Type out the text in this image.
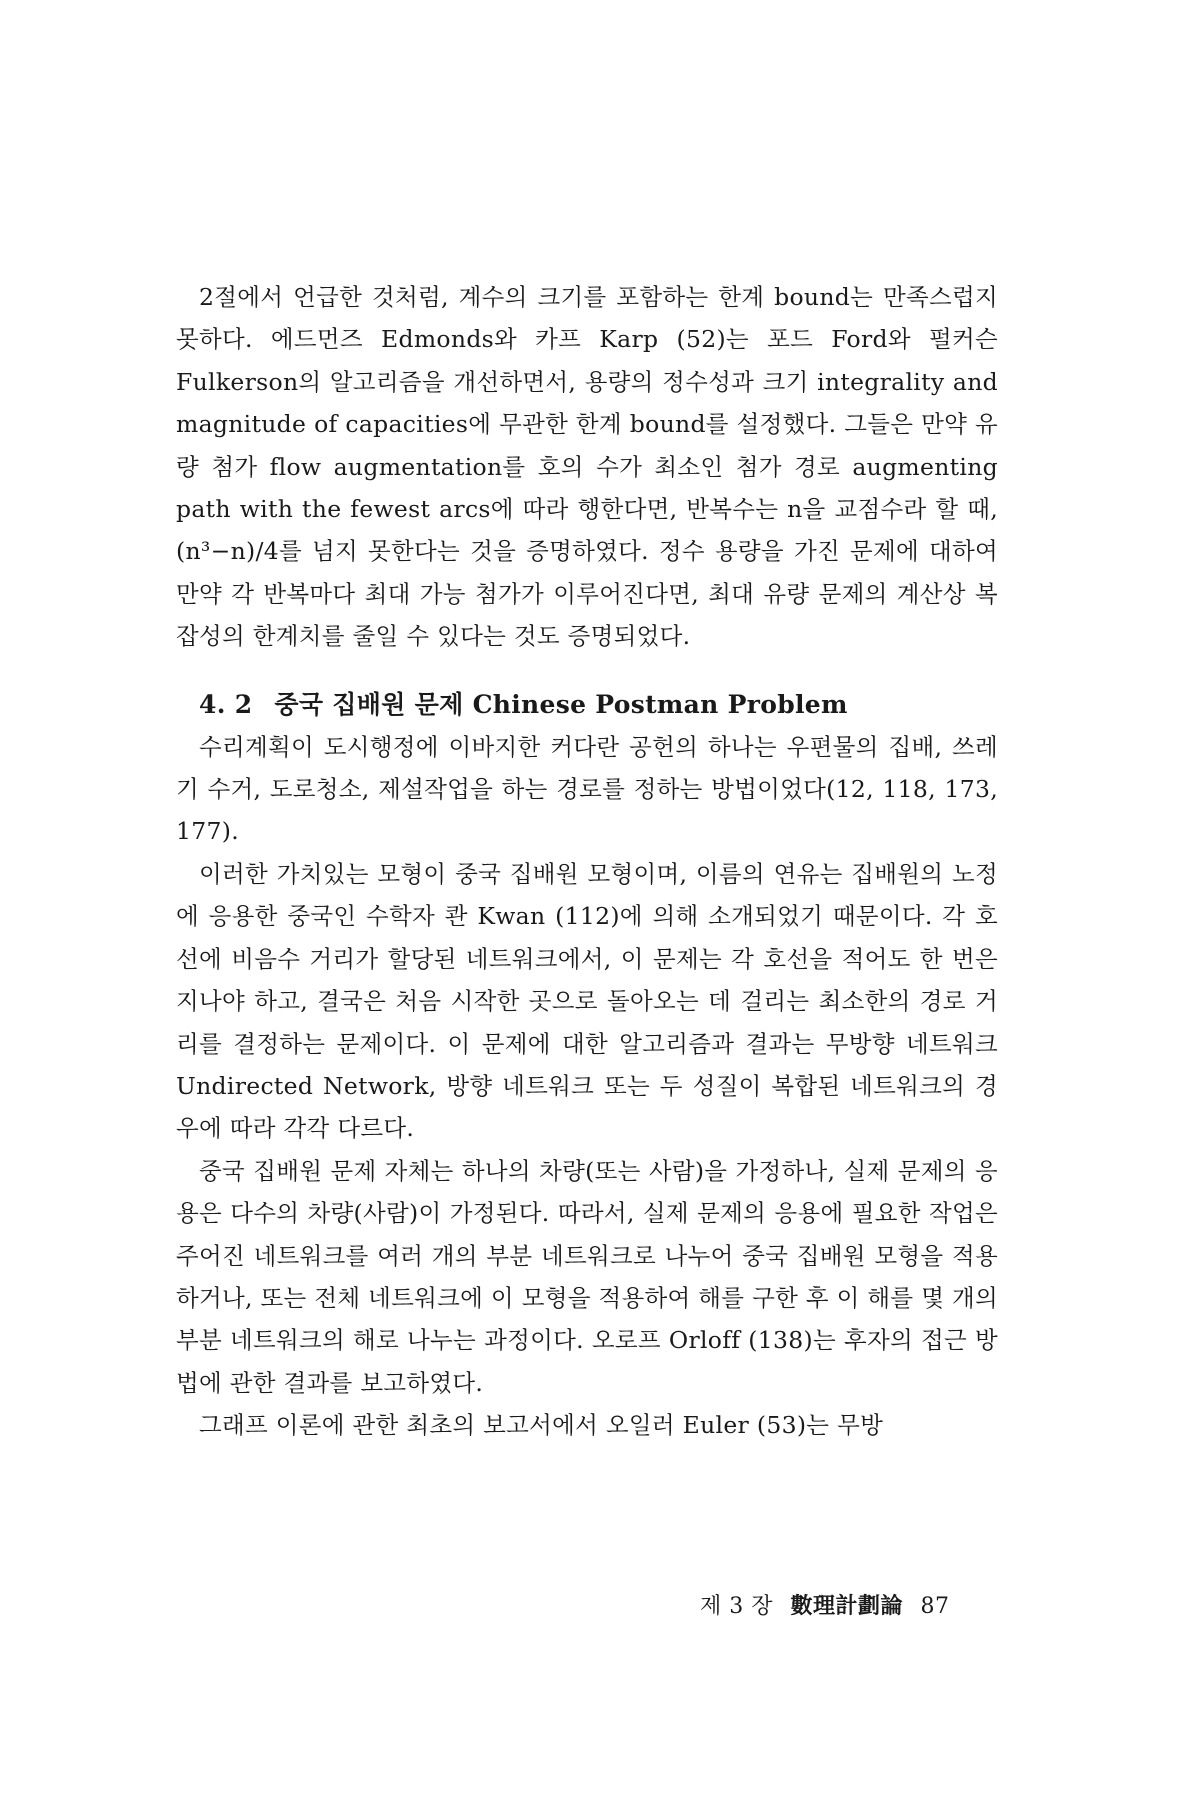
2절에서 언급한 것처럼, 계수의 크기를 포함하는 한계 bound는 만족스럽지 못하다. 에드먼즈 Edmonds와 카프 Karp (52)는 포드 Ford와 펄커슨 Fulkerson의 알고리즘을 개선하면서, 용량의 정수성과 크기 integrality and magnitude of capacities에 무관한 한계 bound를 설정했다. 그들은 만약 유량 첨가 flow augmentation를 호의 수가 최소인 첨가 경로 augmenting path with the fewest arcs에 따라 행한다면, 반복수는 n을 교점수라 할 때, (n³−n)/4를 넘지 못한다는 것을 증명하였다. 정수 용량을 가진 문제에 대하여 만약 각 반복마다 최대 가능 첨가가 이루어진다면, 최대 유량 문제의 계산상 복잡성의 한계치를 줄일 수 있다는 것도 증명되었다.

4. 2 중국 집배원 문제 Chinese Postman Problem

수리계획이 도시행정에 이바지한 커다란 공헌의 하나는 우편물의 집배, 쓰레기 수거, 도로청소, 제설작업을 하는 경로를 정하는 방법이었다(12, 118, 173, 177).

이러한 가치있는 모형이 중국 집배원 모형이며, 이름의 연유는 집배원의 노정에 응용한 중국인 수학자 콴 Kwan (112)에 의해 소개되었기 때문이다. 각 호선에 비음수 거리가 할당된 네트워크에서, 이 문제는 각 호선을 적어도 한 번은 지나야 하고, 결국은 처음 시작한 곳으로 돌아오는 데 걸리는 최소한의 경로 거리를 결정하는 문제이다. 이 문제에 대한 알고리즘과 결과는 무방향 네트워크 Undirected Network, 방향 네트워크 또는 두 성질이 복합된 네트워크의 경우에 따라 각각 다르다.

중국 집배원 문제 자체는 하나의 차량(또는 사람)을 가정하나, 실제 문제의 응용은 다수의 차량(사람)이 가정된다. 따라서, 실제 문제의 응용에 필요한 작업은 주어진 네트워크를 여러 개의 부분 네트워크로 나누어 중국 집배원 모형을 적용하거나, 또는 전체 네트워크에 이 모형을 적용하여 해를 구한 후 이 해를 몇 개의 부분 네트워크의 해로 나누는 과정이다. 오로프 Orloff (138)는 후자의 접근 방법에 관한 결과를 보고하였다.

그래프 이론에 관한 최초의 보고서에서 오일러 Euler (53)는 무방

제 3 장 數理計劃論 87
